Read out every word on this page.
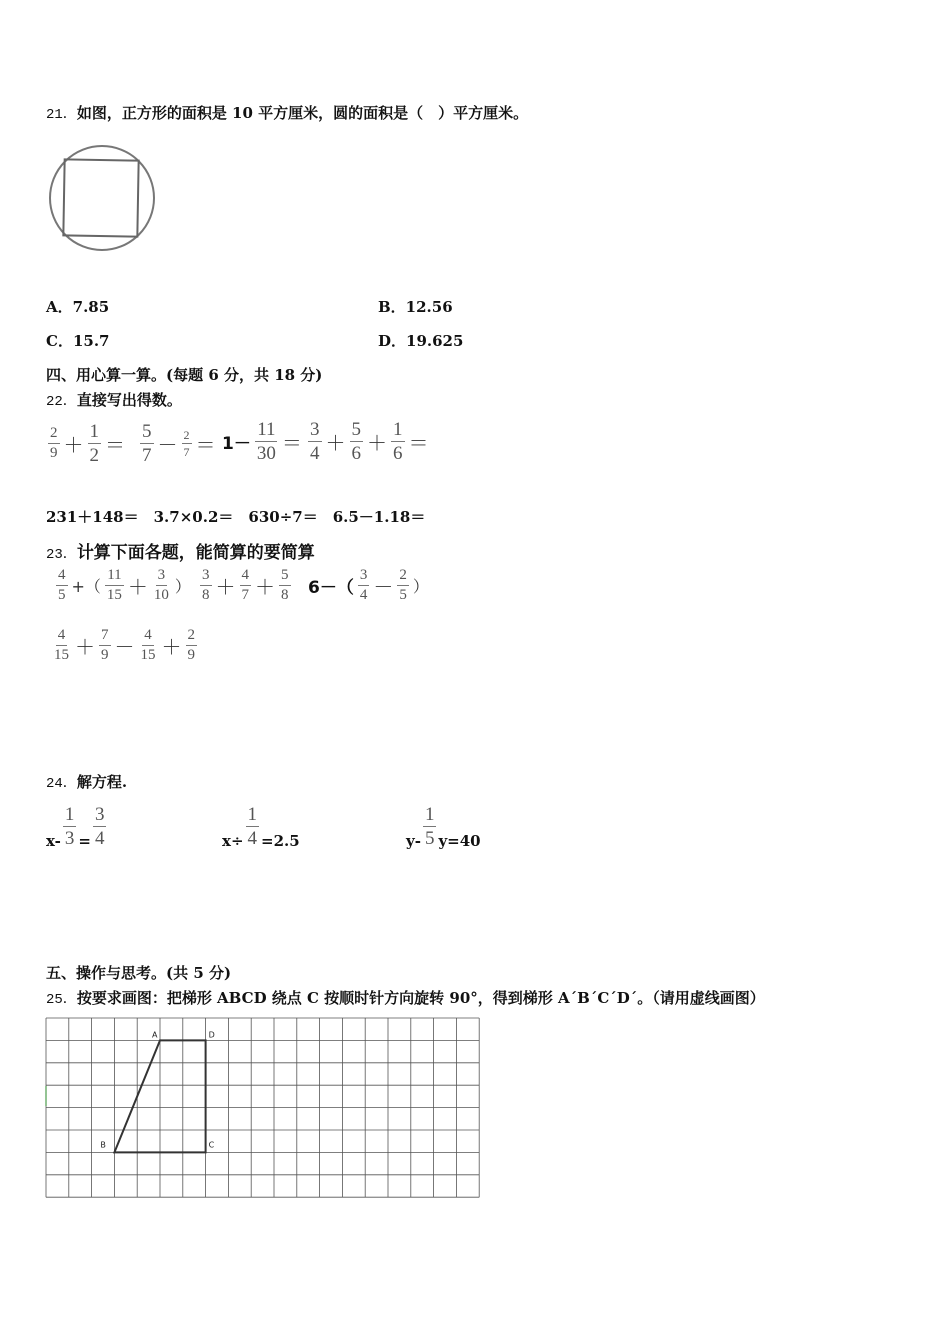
21．如图，正方形的面积是 10 平方厘米，圆的面积是（　）平方厘米。
A．7.85	B．12.56
C．15.7	D．19.625
四、用心算一算。(每题 6 分，共 18 分)
22．直接写出得数。
$\frac{2}{9} + \frac{1}{2} = \frac{5}{7} - \frac{2}{7} = 1- \frac{11}{30} = \frac{3}{4} + \frac{5}{6} + \frac{1}{6}$ ＝
231＋148＝　3.7×0.2＝　630÷7＝　6.5－1.18＝
23．计算下面各题，能简算的要简算
$\frac{4}{5}$ +（ $\frac{11}{15} + \frac{3}{10}$ ） $\frac{3}{8} + \frac{4}{7} + \frac{5}{8} 6-( \frac{3}{4} - \frac{2}{5}$ ）
$\frac{4}{15} + \frac{7}{9} - \frac{4}{15} + \frac{2}{9}$
24．解方程.
$x- \frac{1}{3} = \frac{3}{4}$	$x\div \frac{1}{4} =2.5$	$y- \frac{1}{5} y=40$
五、操作与思考。(共 5 分)
25．按要求画图：把梯形 ABCD 绕点 C 按顺时针方向旋转 90°，得到梯形 A´B´C´D´。（请用虚线画图）
A	D
C
B
